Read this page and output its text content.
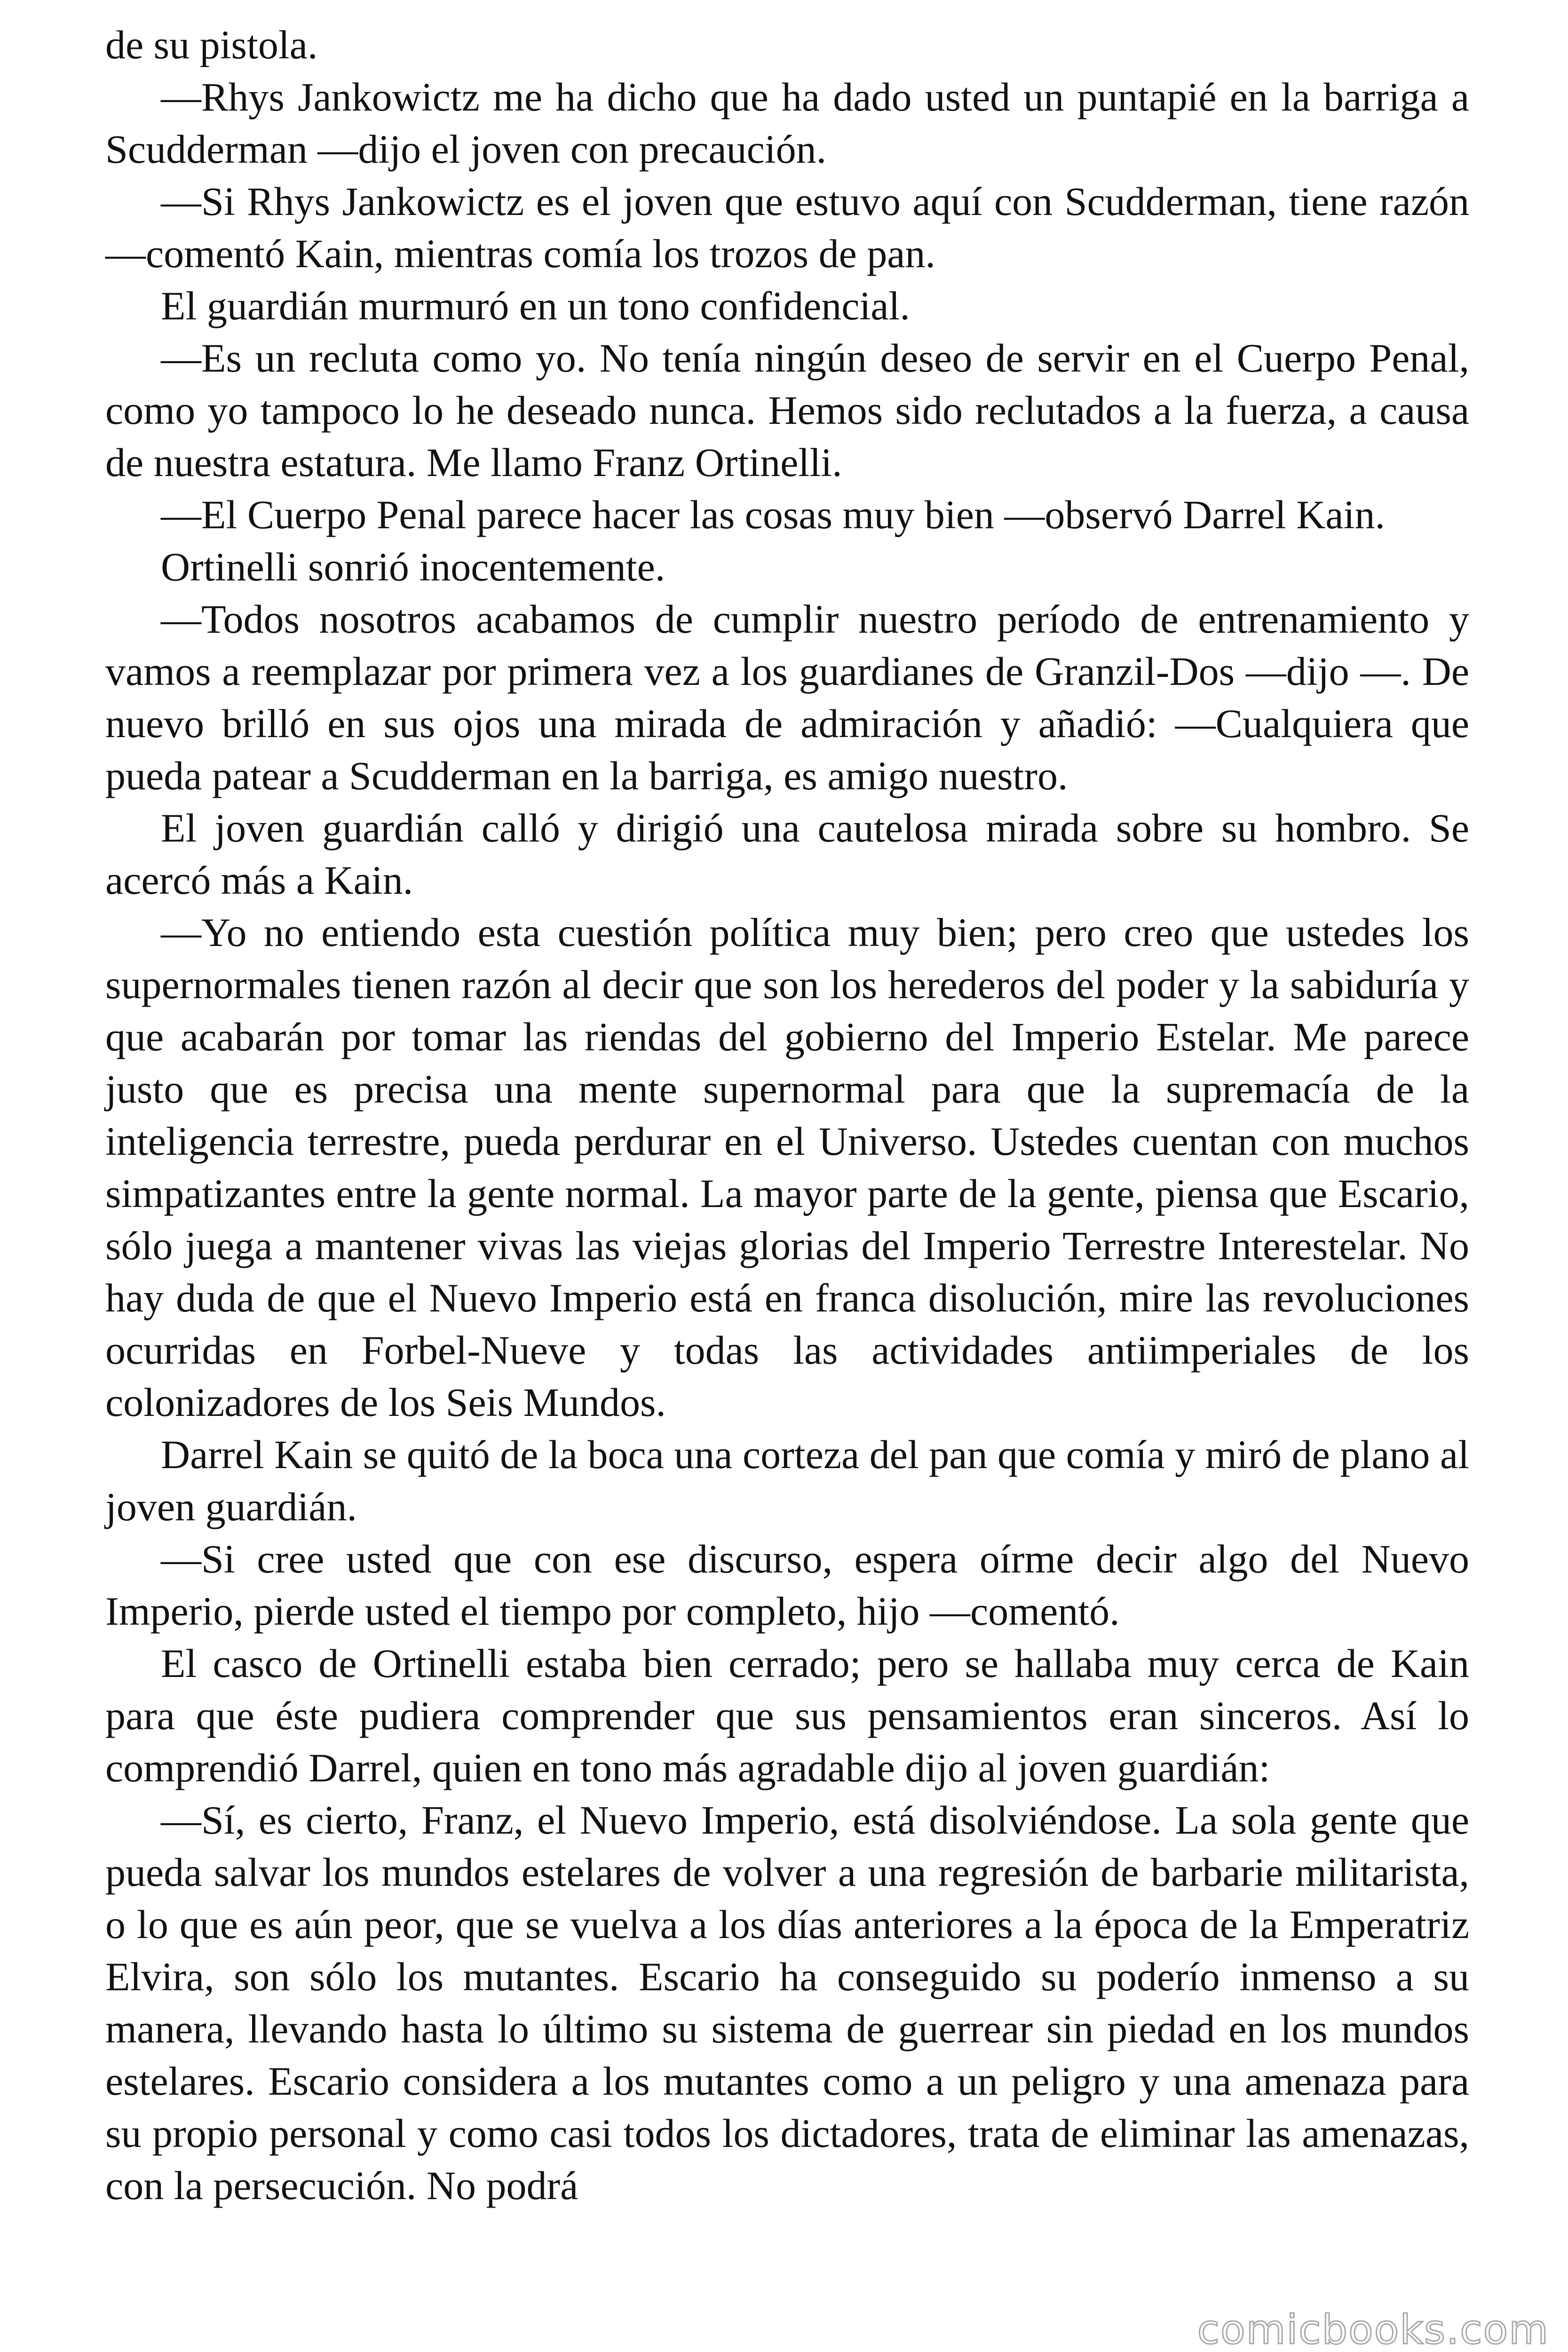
de su pistola.

—Rhys Jankowictz me ha dicho que ha dado usted un puntapié en la barriga a Scudderman —dijo el joven con precaución.

—Si Rhys Jankowictz es el joven que estuvo aquí con Scudderman, tiene razón —comentó Kain, mientras comía los trozos de pan.

El guardián murmuró en un tono confidencial.

—Es un recluta como yo. No tenía ningún deseo de servir en el Cuerpo Penal, como yo tampoco lo he deseado nunca. Hemos sido reclutados a la fuerza, a causa de nuestra estatura. Me llamo Franz Ortinelli.

—El Cuerpo Penal parece hacer las cosas muy bien —observó Darrel Kain.

Ortinelli sonrió inocentemente.

—Todos nosotros acabamos de cumplir nuestro período de entrenamiento y vamos a reemplazar por primera vez a los guardianes de Granzil-Dos —dijo —. De nuevo brilló en sus ojos una mirada de admiración y añadió: —Cualquiera que pueda patear a Scudderman en la barriga, es amigo nuestro.

El joven guardián calló y dirigió una cautelosa mirada sobre su hombro. Se acercó más a Kain.

—Yo no entiendo esta cuestión política muy bien; pero creo que ustedes los supernormales tienen razón al decir que son los herederos del poder y la sabiduría y que acabarán por tomar las riendas del gobierno del Imperio Estelar. Me parece justo que es precisa una mente supernormal para que la supremacía de la inteligencia terrestre, pueda perdurar en el Universo. Ustedes cuentan con muchos simpatizantes entre la gente normal. La mayor parte de la gente, piensa que Escario, sólo juega a mantener vivas las viejas glorias del Imperio Terrestre Interestelar. No hay duda de que el Nuevo Imperio está en franca disolución, mire las revoluciones ocurridas en Forbel-Nueve y todas las actividades antiimperiales de los colonizadores de los Seis Mundos.

Darrel Kain se quitó de la boca una corteza del pan que comía y miró de plano al joven guardián.

—Si cree usted que con ese discurso, espera oírme decir algo del Nuevo Imperio, pierde usted el tiempo por completo, hijo —comentó.

El casco de Ortinelli estaba bien cerrado; pero se hallaba muy cerca de Kain para que éste pudiera comprender que sus pensamientos eran sinceros. Así lo comprendió Darrel, quien en tono más agradable dijo al joven guardián:

—Sí, es cierto, Franz, el Nuevo Imperio, está disolviéndose. La sola gente que pueda salvar los mundos estelares de volver a una regresión de barbarie militarista, o lo que es aún peor, que se vuelva a los días anteriores a la época de la Emperatriz Elvira, son sólo los mutantes. Escario ha conseguido su poderío inmenso a su manera, llevando hasta lo último su sistema de guerrear sin piedad en los mundos estelares. Escario considera a los mutantes como a un peligro y una amenaza para su propio personal y como casi todos los dictadores, trata de eliminar las amenazas, con la persecución. No podrá

comicbooks.com
